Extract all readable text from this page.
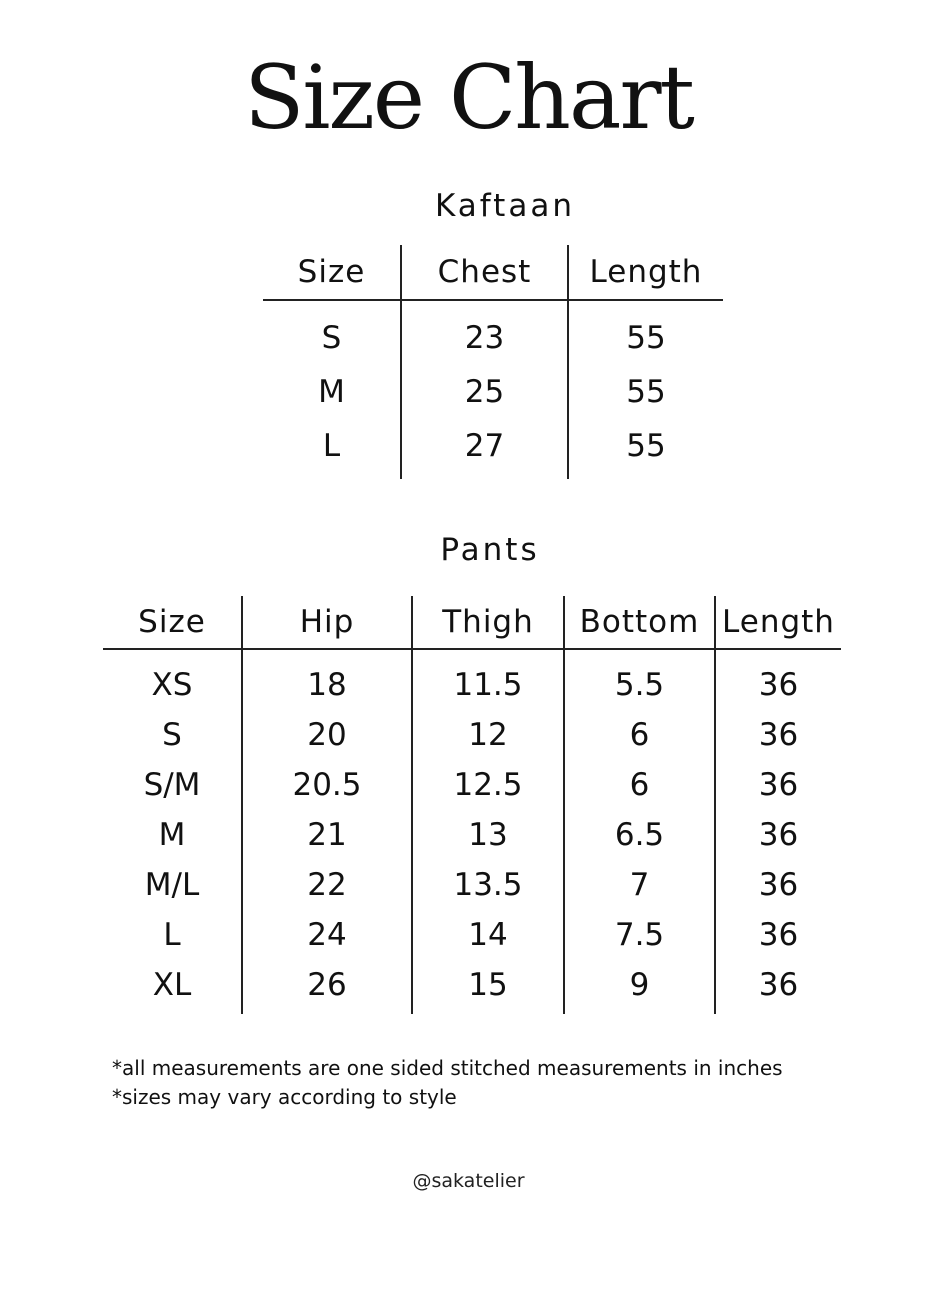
Size Chart
Kaftaan
Size	Chest	Length
S	23	55
M	25	55
L	27	55
Pants
Size	Hip	Thigh	Bottom	Length
XS	18	11.5	5.5	36
S	20	12	6	36
S/M	20.5	12.5	6	36
M	21	13	6.5	36
M/L	22	13.5	7	36
L	24	14	7.5	36
XL	26	15	9	36

*all measurements are one sided stitched measurements in inches

*sizes may vary according to style

@sakatelier
